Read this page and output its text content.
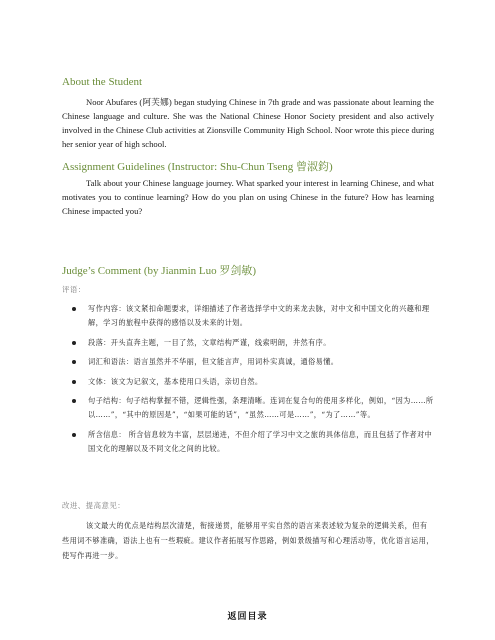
About the Student

Noor Abufares (阿芙娜) began studying Chinese in 7th grade and was passionate about learning the Chinese language and culture. She was the National Chinese Honor Society president and also actively involved in the Chinese Club activities at Zionsville Community High School. Noor wrote this piece during her senior year of high school.

Assignment Guidelines (Instructor: Shu-Chun Tseng 曾淑鈞)

Talk about your Chinese language journey. What sparked your interest in learning Chinese, and what motivates you to continue learning? How do you plan on using Chinese in the future? How has learning Chinese impacted you?

Judge’s Comment (by Jianmin Luo 罗剑敏)
评语：
写作内容：该文紧扣命题要求，详细描述了作者选择学中文的来龙去脉，对中文和中国文化的兴趣和理解，学习的旅程中获得的感悟以及未来的计划。
段落：开头直奔主题，一目了然，文章结构严谨，线索明朗，井然有序。
词汇和语法：语言虽然并不华丽，但文能言声，用词朴实真诚，通俗易懂。
文体：该文为记叙文，基本使用口头语，亲切自然。
句子结构：句子结构掌握不错，逻辑性强，条理清晰。连词在复合句的使用多样化，例如，“因为……所以……”，“其中的原因是”，“如果可能的话”，“虽然……可是……”，“为了……”等。
所含信息： 所含信息较为丰富，层层递进，不但介绍了学习中文之旅的具体信息，而且包括了作者对中国文化的理解以及不同文化之间的比较。
改进、提高意见：

该文最大的优点是结构层次清楚，衔接递贯，能够用平实自然的语言来表述较为复杂的逻辑关系，但有些用词不够准确，语法上也有一些瑕疵。建议作者拓展写作思路，例如景级描写和心理活动等，优化语言运用，使写作再进一步。

返回目录
